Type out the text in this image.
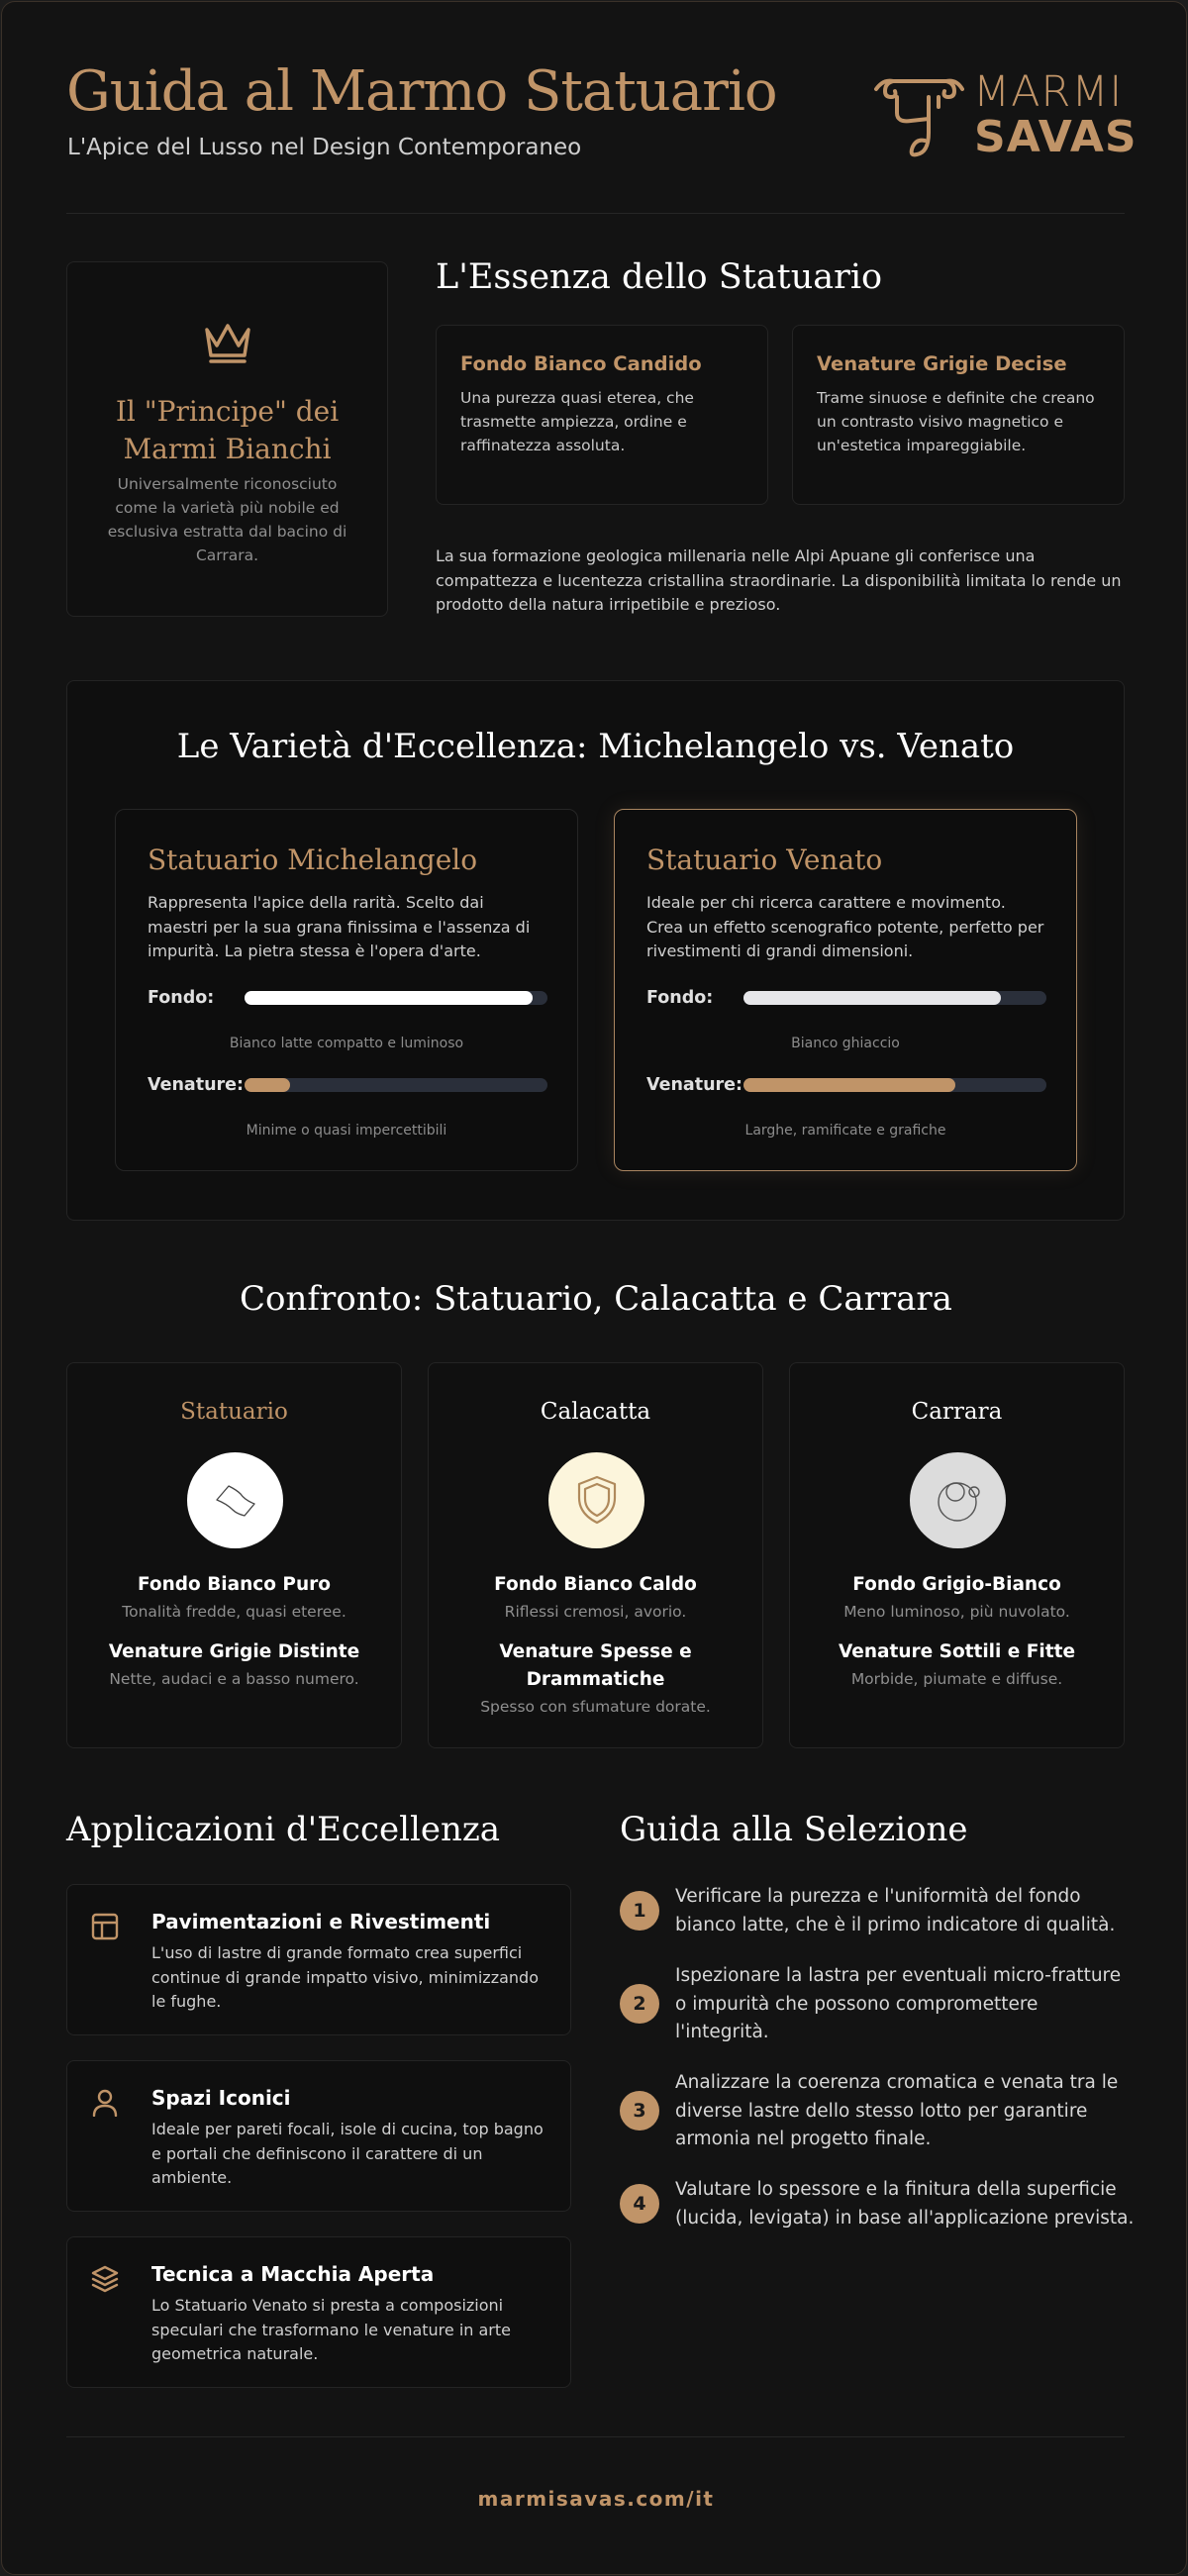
Guida al Marmo Statuario
L'Apice del Lusso nel Design Contemporaneo
MARMI
SAVAS
Il "Principe" dei Marmi Bianchi
Universalmente riconosciuto come la varietà più nobile ed esclusiva estratta dal bacino di Carrara.
L'Essenza dello Statuario
Fondo Bianco Candido
Una purezza quasi eterea, che trasmette ampiezza, ordine e raffinatezza assoluta.
Venature Grigie Decise
Trame sinuose e definite che creano un contrasto visivo magnetico e un'estetica impareggiabile.
La sua formazione geologica millenaria nelle Alpi Apuane gli conferisce una compattezza e lucentezza cristallina straordinarie. La disponibilità limitata lo rende un prodotto della natura irripetibile e prezioso.
Le Varietà d'Eccellenza: Michelangelo vs. Venato
Statuario Michelangelo
Rappresenta l'apice della rarità. Scelto dai maestri per la sua grana finissima e l'assenza di impurità. La pietra stessa è l'opera d'arte.
Fondo:
Bianco latte compatto e luminoso
Venature:
Minime o quasi impercettibili
Statuario Venato
Ideale per chi ricerca carattere e movimento. Crea un effetto scenografico potente, perfetto per rivestimenti di grandi dimensioni.
Fondo:
Bianco ghiaccio
Venature:
Larghe, ramificate e grafiche
Confronto: Statuario, Calacatta e Carrara
Statuario
Fondo Bianco Puro
Tonalità fredde, quasi eteree.
Venature Grigie Distinte
Nette, audaci e a basso numero.
Calacatta
Fondo Bianco Caldo
Riflessi cremosi, avorio.
Venature Spesse e Drammatiche
Spesso con sfumature dorate.
Carrara
Fondo Grigio-Bianco
Meno luminoso, più nuvolato.
Venature Sottili e Fitte
Morbide, piumate e diffuse.
Applicazioni d'Eccellenza
Pavimentazioni e Rivestimenti
L'uso di lastre di grande formato crea superfici continue di grande impatto visivo, minimizzando le fughe.
Spazi Iconici
Ideale per pareti focali, isole di cucina, top bagno e portali che definiscono il carattere di un ambiente.
Tecnica a Macchia Aperta
Lo Statuario Venato si presta a composizioni speculari che trasformano le venature in arte geometrica naturale.
Guida alla Selezione
1
Verificare la purezza e l'uniformità del fondo bianco latte, che è il primo indicatore di qualità.
2
Ispezionare la lastra per eventuali micro-fratture o impurità che possono compromettere l'integrità.
3
Analizzare la coerenza cromatica e venata tra le diverse lastre dello stesso lotto per garantire armonia nel progetto finale.
4
Valutare lo spessore e la finitura della superficie (lucida, levigata) in base all'applicazione prevista.
marmisavas.com/it
